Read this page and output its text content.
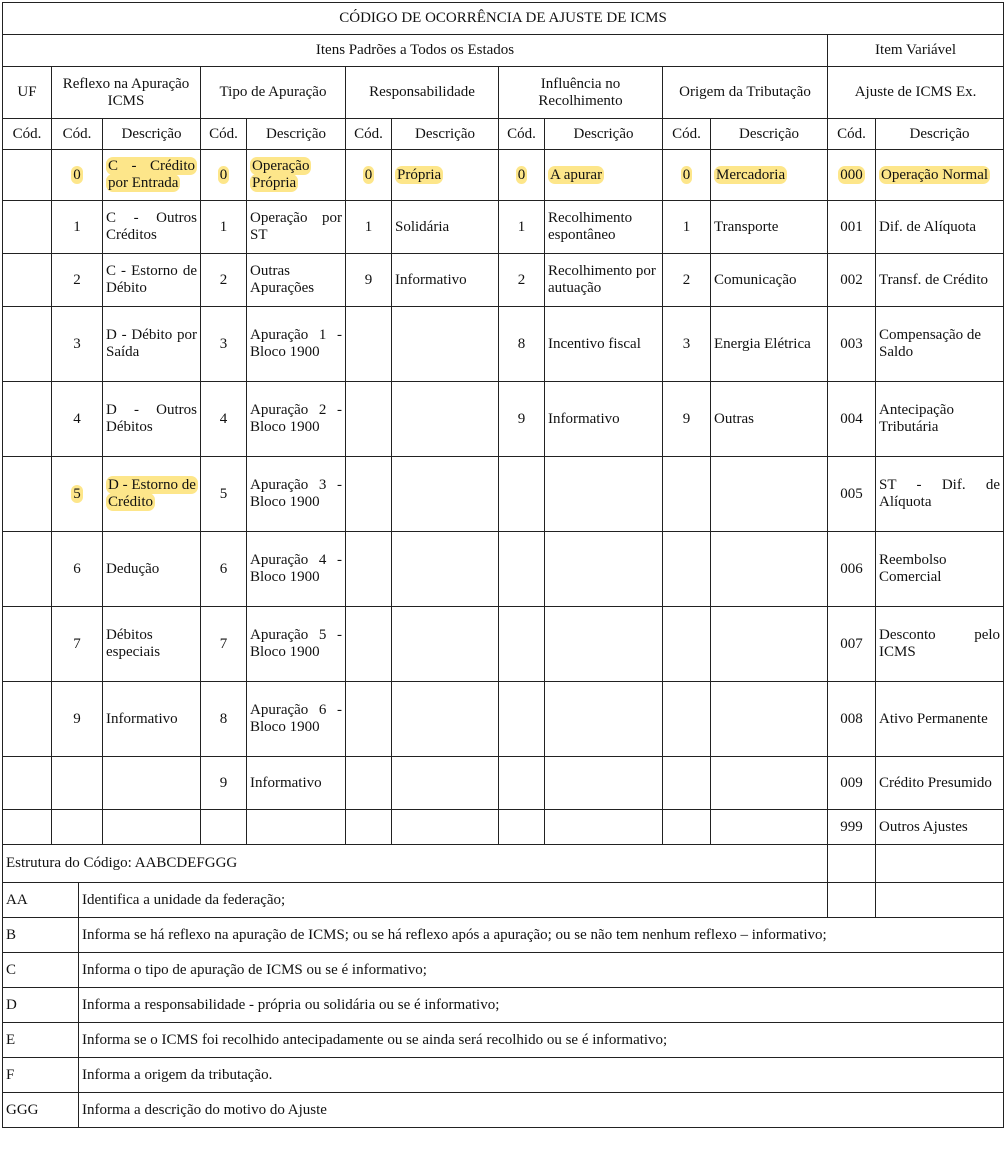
CÓDIGO DE OCORRÊNCIA DE AJUSTE DE ICMS													
Itens Padrões a Todos os Estados												Item Variável	
UF	Reflexo na Apuração ICMS			Tipo de Apuração		Responsabilidade		Influência no Recolhimento		Origem da Tributação		Ajuste de ICMS Ex.	
Cód.	Cód.		Descrição	Cód.	Descrição	Cód.	Descrição	Cód.	Descrição	Cód.	Descrição	Cód.	Descrição
	0		C - Crédito por Entrada	0	Operação Própria	0	Própria	0	A apurar	0	Mercadoria	000	Operação Normal
	1		C - Outros Créditos	1	Operação por ST	1	Solidária	1	Recolhimento espontâneo	1	Transporte	001	Dif. de Alíquota
	2		C - Estorno de Débito	2	Outras Apurações	9	Informativo	2	Recolhimento por autuação	2	Comunicação	002	Transf. de Crédito
	3		D - Débito por Saída	3	Apuração 1 - Bloco 1900			8	Incentivo fiscal	3	Energia Elétrica	003	Compensação de Saldo
	4		D - Outros Débitos	4	Apuração 2 - Bloco 1900			9	Informativo	9	Outras	004	Antecipação Tributária
	5		D - Estorno de Crédito	5	Apuração 3 - Bloco 1900							005	ST - Dif. de Alíquota
	6		Dedução	6	Apuração 4 - Bloco 1900							006	Reembolso Comercial
	7		Débitos especiais	7	Apuração 5 - Bloco 1900							007	Desconto pelo ICMS
	9		Informativo	8	Apuração 6 - Bloco 1900							008	Ativo Permanente
				9	Informativo							009	Crédito Presumido
												999	Outros Ajustes
Estrutura do Código: AABCDEFGGG													
AA		Identifica a unidade da federação;											
B		Informa se há reflexo na apuração de ICMS; ou se há reflexo após a apuração; ou se não tem nenhum reflexo – informativo;											
C		Informa o tipo de apuração de ICMS ou se é informativo;											
D		Informa a responsabilidade - própria ou solidária ou se é informativo;											
E		Informa se o ICMS foi recolhido antecipadamente ou se ainda será recolhido ou se é informativo;											
F		Informa a origem da tributação.											
GGG		Informa a descrição do motivo do Ajuste											
